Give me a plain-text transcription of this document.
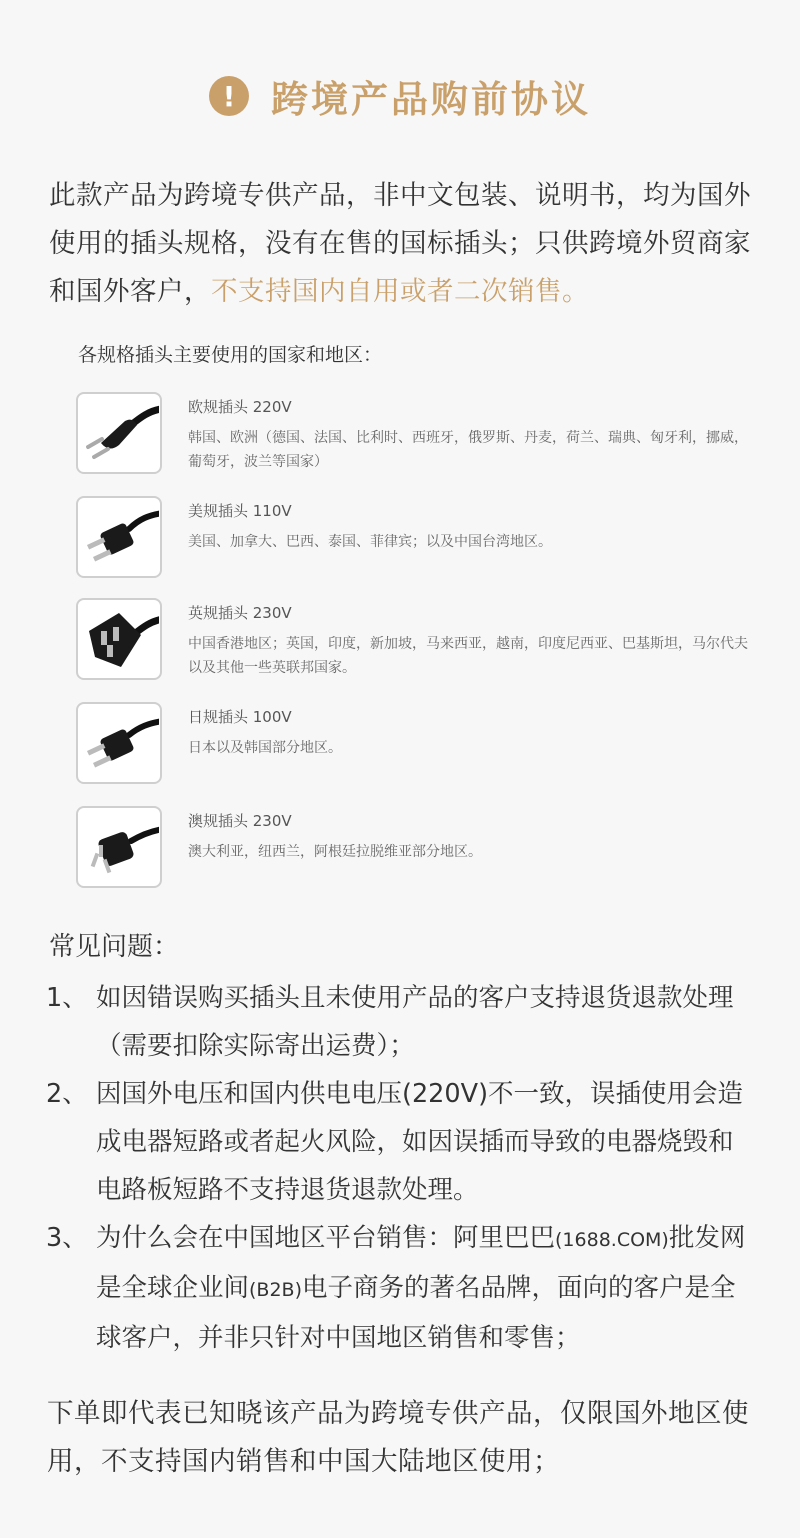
! 跨境产品购前协议
此款产品为跨境专供产品，非中文包装、说明书，均为国外使用的插头规格，没有在售的国标插头；只供跨境外贸商家和国外客户，不支持国内自用或者二次销售。
各规格插头主要使用的国家和地区：
欧规插头 220V
韩国、欧洲（德国、法国、比利时、西班牙，俄罗斯、丹麦，荷兰、瑞典、匈牙利，挪威，葡萄牙，波兰等国家）
美规插头 110V
美国、加拿大、巴西、泰国、菲律宾；以及中国台湾地区。
英规插头 230V
中国香港地区；英国，印度，新加坡，马来西亚，越南，印度尼西亚、巴基斯坦，马尔代夫以及其他一些英联邦国家。
日规插头 100V
日本以及韩国部分地区。
澳规插头 230V
澳大利亚，纽西兰，阿根廷拉脱维亚部分地区。
常见问题：
1、 如因错误购买插头且未使用产品的客户支持退货退款处理（需要扣除实际寄出运费）；
2、 因国外电压和国内供电电压(220V)不一致，误插使用会造成电器短路或者起火风险，如因误插而导致的电器烧毁和电路板短路不支持退货退款处理。
3、 为什么会在中国地区平台销售：阿里巴巴(1688.COM)批发网是全球企业间(B2B)电子商务的著名品牌，面向的客户是全球客户，并非只针对中国地区销售和零售；
下单即代表已知晓该产品为跨境专供产品，仅限国外地区使用，不支持国内销售和中国大陆地区使用；
